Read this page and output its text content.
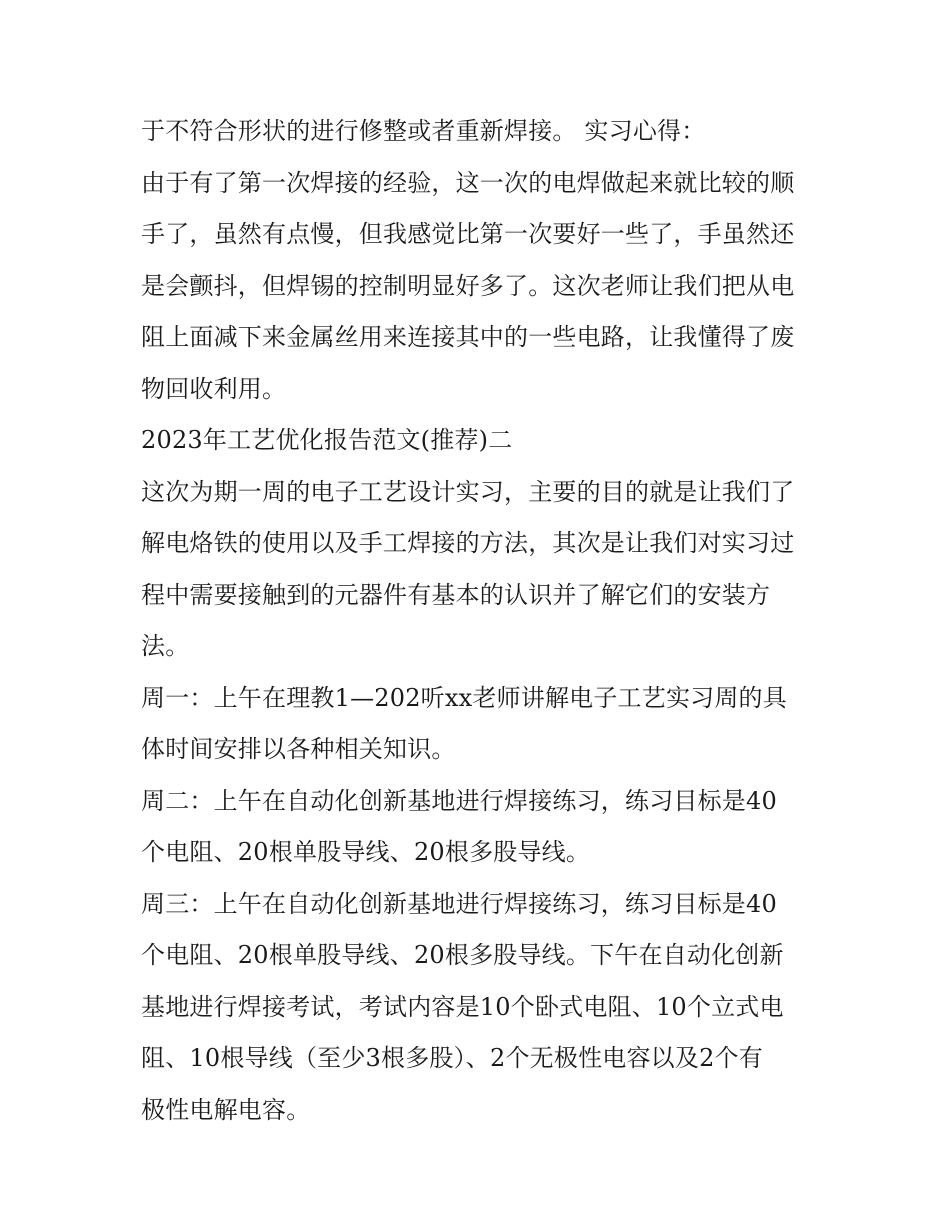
于不符合形状的进行修整或者重新焊接。 实习心得：
由于有了第一次焊接的经验，这一次的电焊做起来就比较的顺
手了，虽然有点慢，但我感觉比第一次要好一些了，手虽然还
是会颤抖，但焊锡的控制明显好多了。这次老师让我们把从电
阻上面减下来金属丝用来连接其中的一些电路，让我懂得了废
物回收利用。
2023年工艺优化报告范文(推荐)二
这次为期一周的电子工艺设计实习，主要的目的就是让我们了
解电烙铁的使用以及手工焊接的方法，其次是让我们对实习过
程中需要接触到的元器件有基本的认识并了解它们的安装方
法。
周一：上午在理教1—202听xx老师讲解电子工艺实习周的具
体时间安排以各种相关知识。
周二：上午在自动化创新基地进行焊接练习，练习目标是40
个电阻、20根单股导线、20根多股导线。
周三：上午在自动化创新基地进行焊接练习，练习目标是40
个电阻、20根单股导线、20根多股导线。下午在自动化创新
基地进行焊接考试，考试内容是10个卧式电阻、10个立式电
阻、10根导线（至少3根多股）、2个无极性电容以及2个有
极性电解电容。
